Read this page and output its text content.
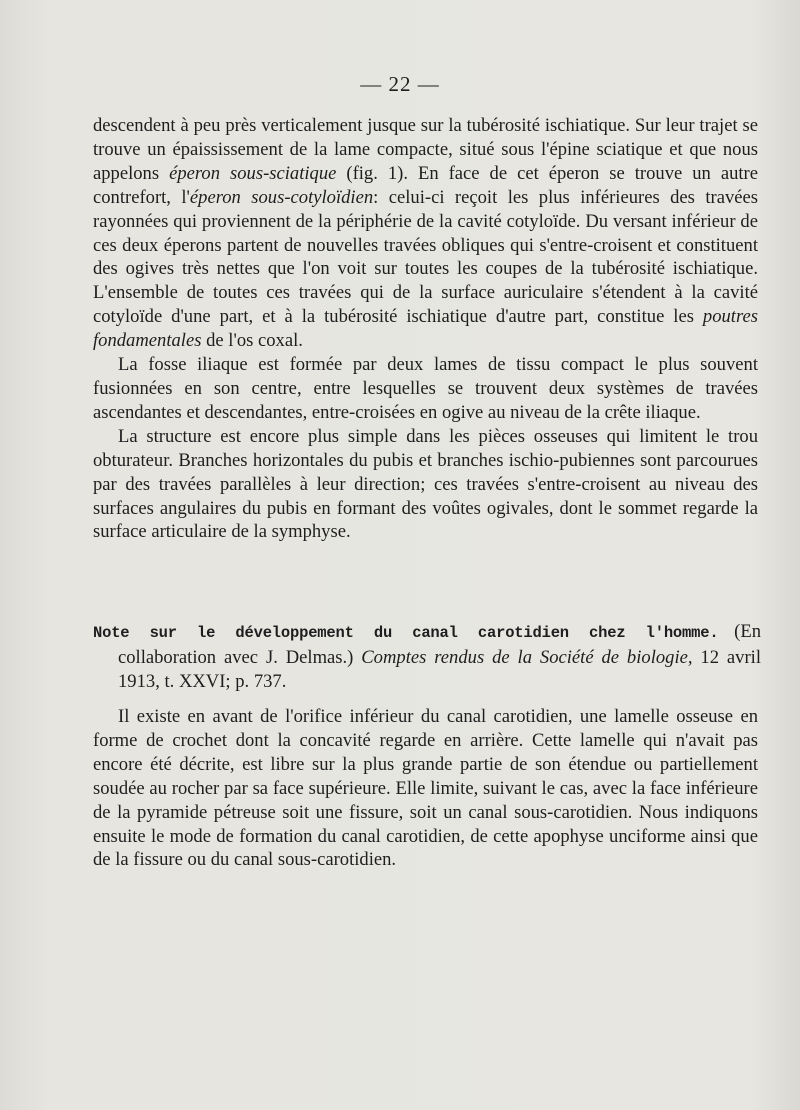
— 22 —

descendent à peu près verticalement jusque sur la tubérosité ischiatique. Sur leur trajet se trouve un épaississement de la lame compacte, situé sous l'épine sciatique et que nous appelons éperon sous-sciatique (fig. 1). En face de cet éperon se trouve un autre contrefort, l'éperon sous-cotyloïdien: celui-ci reçoit les plus inférieures des travées rayonnées qui proviennent de la périphérie de la cavité cotyloïde. Du versant inférieur de ces deux éperons partent de nouvelles travées obliques qui s'entre-croisent et constituent des ogives très nettes que l'on voit sur toutes les coupes de la tubérosité ischiatique. L'ensemble de toutes ces travées qui de la surface auriculaire s'étendent à la cavité cotyloïde d'une part, et à la tubérosité ischiatique d'autre part, constitue les poutres fondamentales de l'os coxal.

La fosse iliaque est formée par deux lames de tissu compact le plus souvent fusionnées en son centre, entre lesquelles se trouvent deux systèmes de travées ascendantes et descendantes, entre-croisées en ogive au niveau de la crête iliaque.

La structure est encore plus simple dans les pièces osseuses qui limitent le trou obturateur. Branches horizontales du pubis et branches ischio-pubiennes sont parcourues par des travées parallèles à leur direction; ces travées s'entre-croisent au niveau des surfaces angulaires du pubis en formant des voûtes ogivales, dont le sommet regarde la surface articulaire de la symphyse.

Note sur le développement du canal carotidien chez l'homme. (En collaboration avec J. Delmas.) Comptes rendus de la Société de biologie, 12 avril 1913, t. XXVI; p. 737.

Il existe en avant de l'orifice inférieur du canal carotidien, une lamelle osseuse en forme de crochet dont la concavité regarde en arrière. Cette lamelle qui n'avait pas encore été décrite, est libre sur la plus grande partie de son étendue ou partiellement soudée au rocher par sa face supérieure. Elle limite, suivant le cas, avec la face inférieure de la pyramide pétreuse soit une fissure, soit un canal sous-carotidien. Nous indiquons ensuite le mode de formation du canal carotidien, de cette apophyse unciforme ainsi que de la fissure ou du canal sous-carotidien.
